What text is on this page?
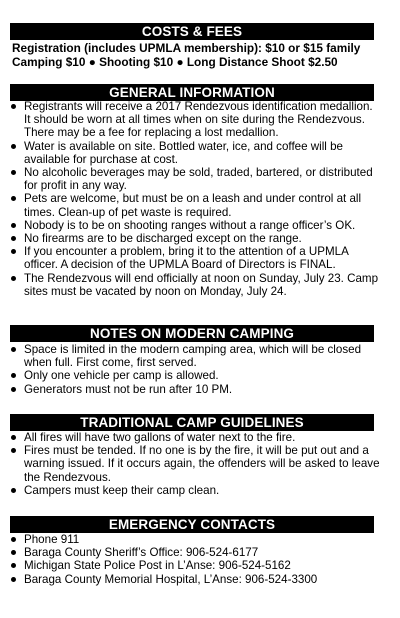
COSTS & FEES
Registration (includes UPMLA membership): $10 or $15 family
Camping $10 ● Shooting $10 ● Long Distance Shoot $2.50
GENERAL INFORMATION
Registrants will receive a 2017 Rendezvous identification medallion. It should be worn at all times when on site during the Rendezvous. There may be a fee for replacing a lost medallion.
Water is available on site. Bottled water, ice, and coffee will be available for purchase at cost.
No alcoholic beverages may be sold, traded, bartered, or distributed for profit in any way.
Pets are welcome, but must be on a leash and under control at all times. Clean-up of pet waste is required.
Nobody is to be on shooting ranges without a range officer’s OK.
No firearms are to be discharged except on the range.
If you encounter a problem, bring it to the attention of a UPMLA officer. A decision of the UPMLA Board of Directors is FINAL.
The Rendezvous will end officially at noon on Sunday, July 23. Camp sites must be vacated by noon on Monday, July 24.
NOTES ON MODERN CAMPING
Space is limited in the modern camping area, which will be closed when full. First come, first served.
Only one vehicle per camp is allowed.
Generators must not be run after 10 PM.
TRADITIONAL CAMP GUIDELINES
All fires will have two gallons of water next to the fire.
Fires must be tended. If no one is by the fire, it will be put out and a warning issued. If it occurs again, the offenders will be asked to leave the Rendezvous.
Campers must keep their camp clean.
EMERGENCY CONTACTS
Phone 911
Baraga County Sheriff’s Office: 906-524-6177
Michigan State Police Post in L’Anse: 906-524-5162
Baraga County Memorial Hospital, L’Anse: 906-524-3300
